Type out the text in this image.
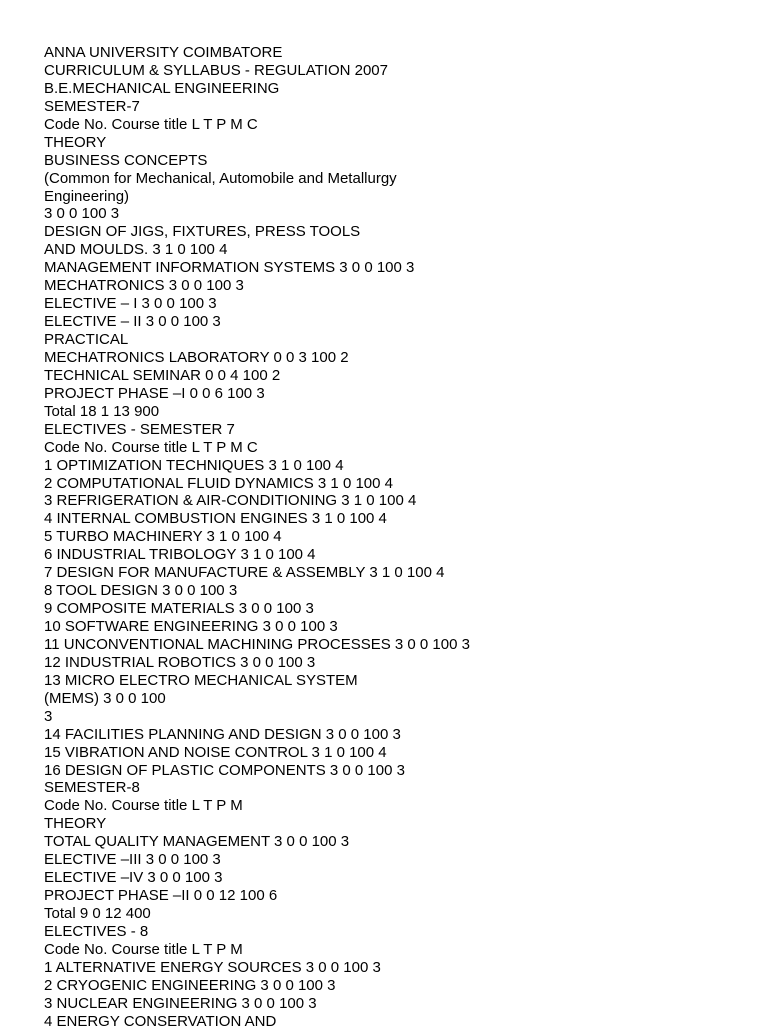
ANNA UNIVERSITY COIMBATORE
CURRICULUM & SYLLABUS - REGULATION 2007
B.E.MECHANICAL ENGINEERING
SEMESTER-7
Code No. Course title L T P M C
THEORY
BUSINESS CONCEPTS
(Common for Mechanical, Automobile and Metallurgy
Engineering)
3 0 0 100 3
DESIGN OF JIGS, FIXTURES, PRESS TOOLS
AND MOULDS. 3 1 0 100 4
MANAGEMENT INFORMATION SYSTEMS 3 0 0 100 3
MECHATRONICS 3 0 0 100 3
ELECTIVE – I 3 0 0 100 3
ELECTIVE – II 3 0 0 100 3
PRACTICAL
MECHATRONICS LABORATORY 0 0 3 100 2
TECHNICAL SEMINAR 0 0 4 100 2
PROJECT PHASE –I 0 0 6 100 3
Total 18 1 13 900
ELECTIVES - SEMESTER 7
Code No. Course title L T P M C
1 OPTIMIZATION TECHNIQUES 3 1 0 100 4
2 COMPUTATIONAL FLUID DYNAMICS 3 1 0 100 4
3 REFRIGERATION & AIR-CONDITIONING 3 1 0 100 4
4 INTERNAL COMBUSTION ENGINES 3 1 0 100 4
5 TURBO MACHINERY 3 1 0 100 4
6 INDUSTRIAL TRIBOLOGY 3 1 0 100 4
7 DESIGN FOR MANUFACTURE & ASSEMBLY 3 1 0 100 4
8 TOOL DESIGN 3 0 0 100 3
9 COMPOSITE MATERIALS 3 0 0 100 3
10 SOFTWARE ENGINEERING 3 0 0 100 3
11 UNCONVENTIONAL MACHINING PROCESSES 3 0 0 100 3
12 INDUSTRIAL ROBOTICS 3 0 0 100 3
13 MICRO ELECTRO MECHANICAL SYSTEM
(MEMS) 3 0 0 100
3
14 FACILITIES PLANNING AND DESIGN 3 0 0 100 3
15 VIBRATION AND NOISE CONTROL 3 1 0 100 4
16 DESIGN OF PLASTIC COMPONENTS 3 0 0 100 3
SEMESTER-8
Code No. Course title L T P M
THEORY
TOTAL QUALITY MANAGEMENT 3 0 0 100 3
ELECTIVE –III 3 0 0 100 3
ELECTIVE –IV 3 0 0 100 3
PROJECT PHASE –II 0 0 12 100 6
Total 9 0 12 400
ELECTIVES - 8
Code No. Course title L T P M
1 ALTERNATIVE ENERGY SOURCES 3 0 0 100 3
2 CRYOGENIC ENGINEERING 3 0 0 100 3
3 NUCLEAR ENGINEERING 3 0 0 100 3
4 ENERGY CONSERVATION AND
